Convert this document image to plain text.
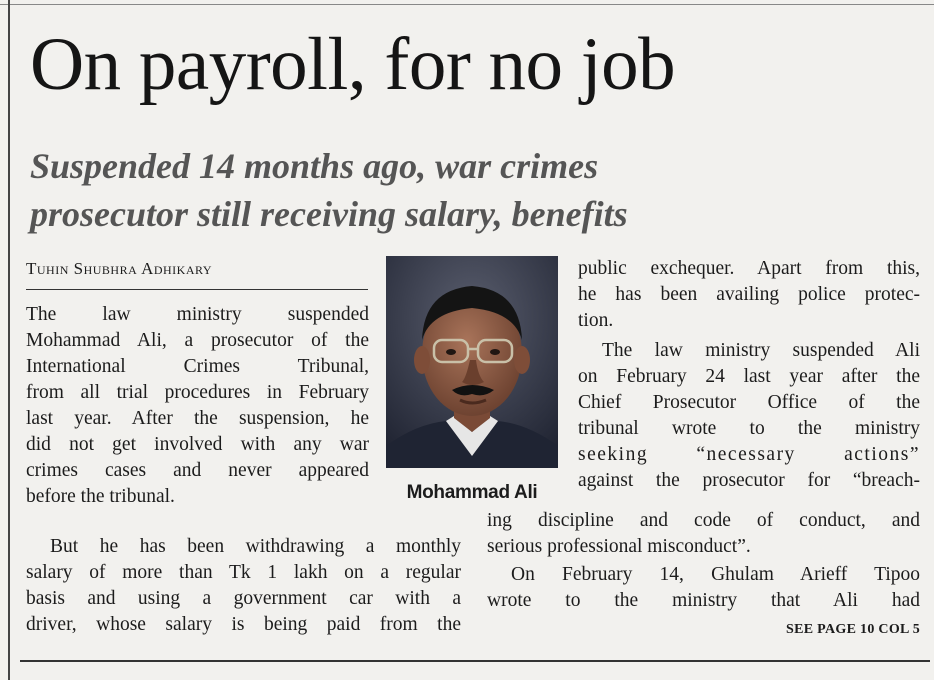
On payroll, for no job
Suspended 14 months ago, war crimes
prosecutor still receiving salary, benefits
Tuhin Shubhra Adhikary
The law ministry suspended
Mohammad Ali, a prosecutor of the
International Crimes Tribunal,
from all trial procedures in February
last year. After the suspension, he
did not get involved with any war
crimes cases and never appeared
before the tribunal.
But he has been withdrawing a monthly
salary of more than Tk 1 lakh on a regular
basis and using a government car with a
driver, whose salary is being paid from the
Mohammad Ali
public exchequer. Apart from this,
he has been availing police protec-
tion.
The law ministry suspended Ali
on February 24 last year after the
Chief Prosecutor Office of the
tribunal wrote to the ministry
seeking “necessary actions”
against the prosecutor for “breach-
ing discipline and code of conduct, and
serious professional misconduct”.
On February 14, Ghulam Arieff Tipoo
wrote to the ministry that Ali had
SEE PAGE 10 COL 5
